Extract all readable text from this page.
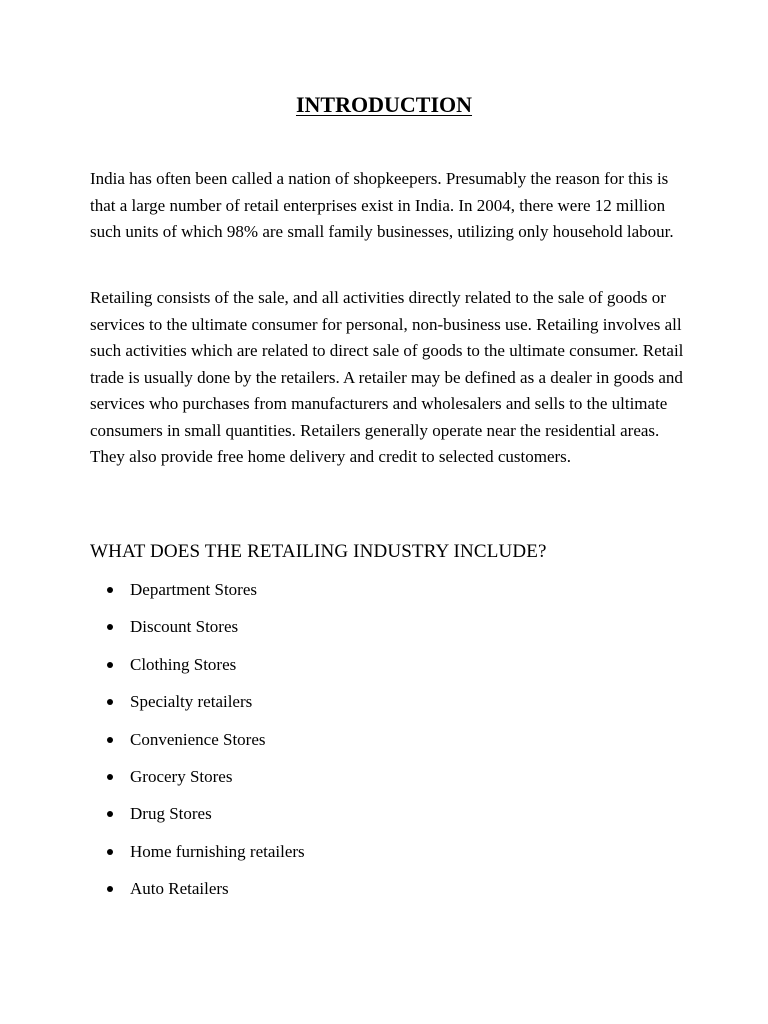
INTRODUCTION

India has often been called a nation of shopkeepers. Presumably the reason for this is that a large number of retail enterprises exist in India. In 2004, there were 12 million such units of which 98% are small family businesses, utilizing only household labour.

Retailing consists of the sale, and all activities directly related to the sale of goods or services to the ultimate consumer for personal, non-business use. Retailing involves all such activities which are related to direct sale of goods to the ultimate consumer. Retail trade is usually done by the retailers. A retailer may be defined as a dealer in goods and services who purchases from manufacturers and wholesalers and sells to the ultimate consumers in small quantities. Retailers generally operate near the residential areas. They also provide free home delivery and credit to selected customers.

WHAT DOES THE RETAILING INDUSTRY INCLUDE?
Department Stores
Discount Stores
Clothing Stores
Specialty retailers
Convenience Stores
Grocery Stores
Drug Stores
Home furnishing retailers
Auto Retailers
